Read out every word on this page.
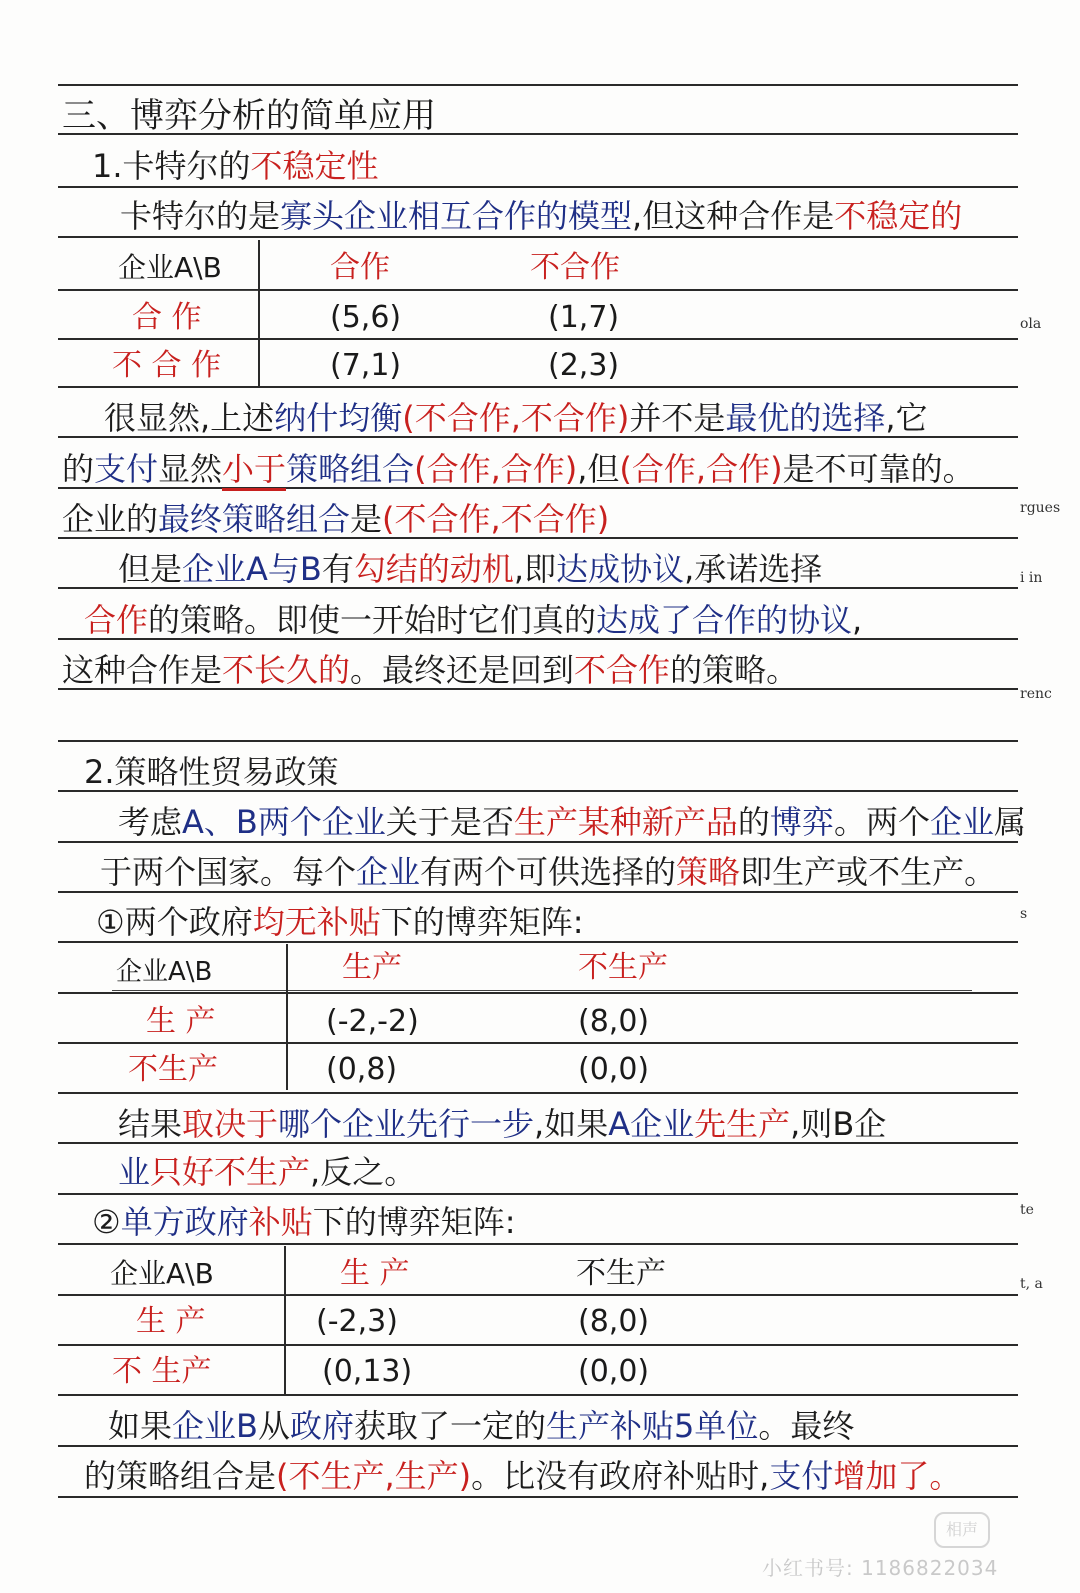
三、博弈分析的简单应用
1.卡特尔的不稳定性
卡特尔的是寡头企业相互合作的模型,但这种合作是不稳定的
企业A\B	合作	不合作
合 作	(5,6)	(1,7)
不 合 作	(7,1)	(2,3)
很显然,上述纳什均衡(不合作,不合作)并不是最优的选择,它
的支付显然小于策略组合(合作,合作),但(合作,合作)是不可靠的。
企业的最终策略组合是(不合作,不合作)
但是企业A与B有勾结的动机,即达成协议,承诺选择
合作的策略。即使一开始时它们真的达成了合作的协议,
这种合作是不长久的。最终还是回到不合作的策略。
2.策略性贸易政策
考虑A、B两个企业关于是否生产某种新产品的博弈。两个企业属
于两个国家。每个企业有两个可供选择的策略即生产或不生产。
①两个政府均无补贴下的博弈矩阵:
企业A\B	生产	不生产
生 产	(-2,-2)	(8,0)
不生产	(0,8)	(0,0)
结果取决于哪个企业先行一步,如果A企业先生产,则B企
业只好不生产,反之。
②单方政府补贴下的博弈矩阵:
企业A\B	生 产	不生产
生 产	(-2,3)	(8,0)
不 生产	(0,13)	(0,0)
如果企业B从政府获取了一定的生产补贴5单位。最终
的策略组合是(不生产,生产)。比没有政府补贴时,支付增加了。
ola
rgues
i in
renc
s
te
t, a
相声
小红书号: 1186822034
